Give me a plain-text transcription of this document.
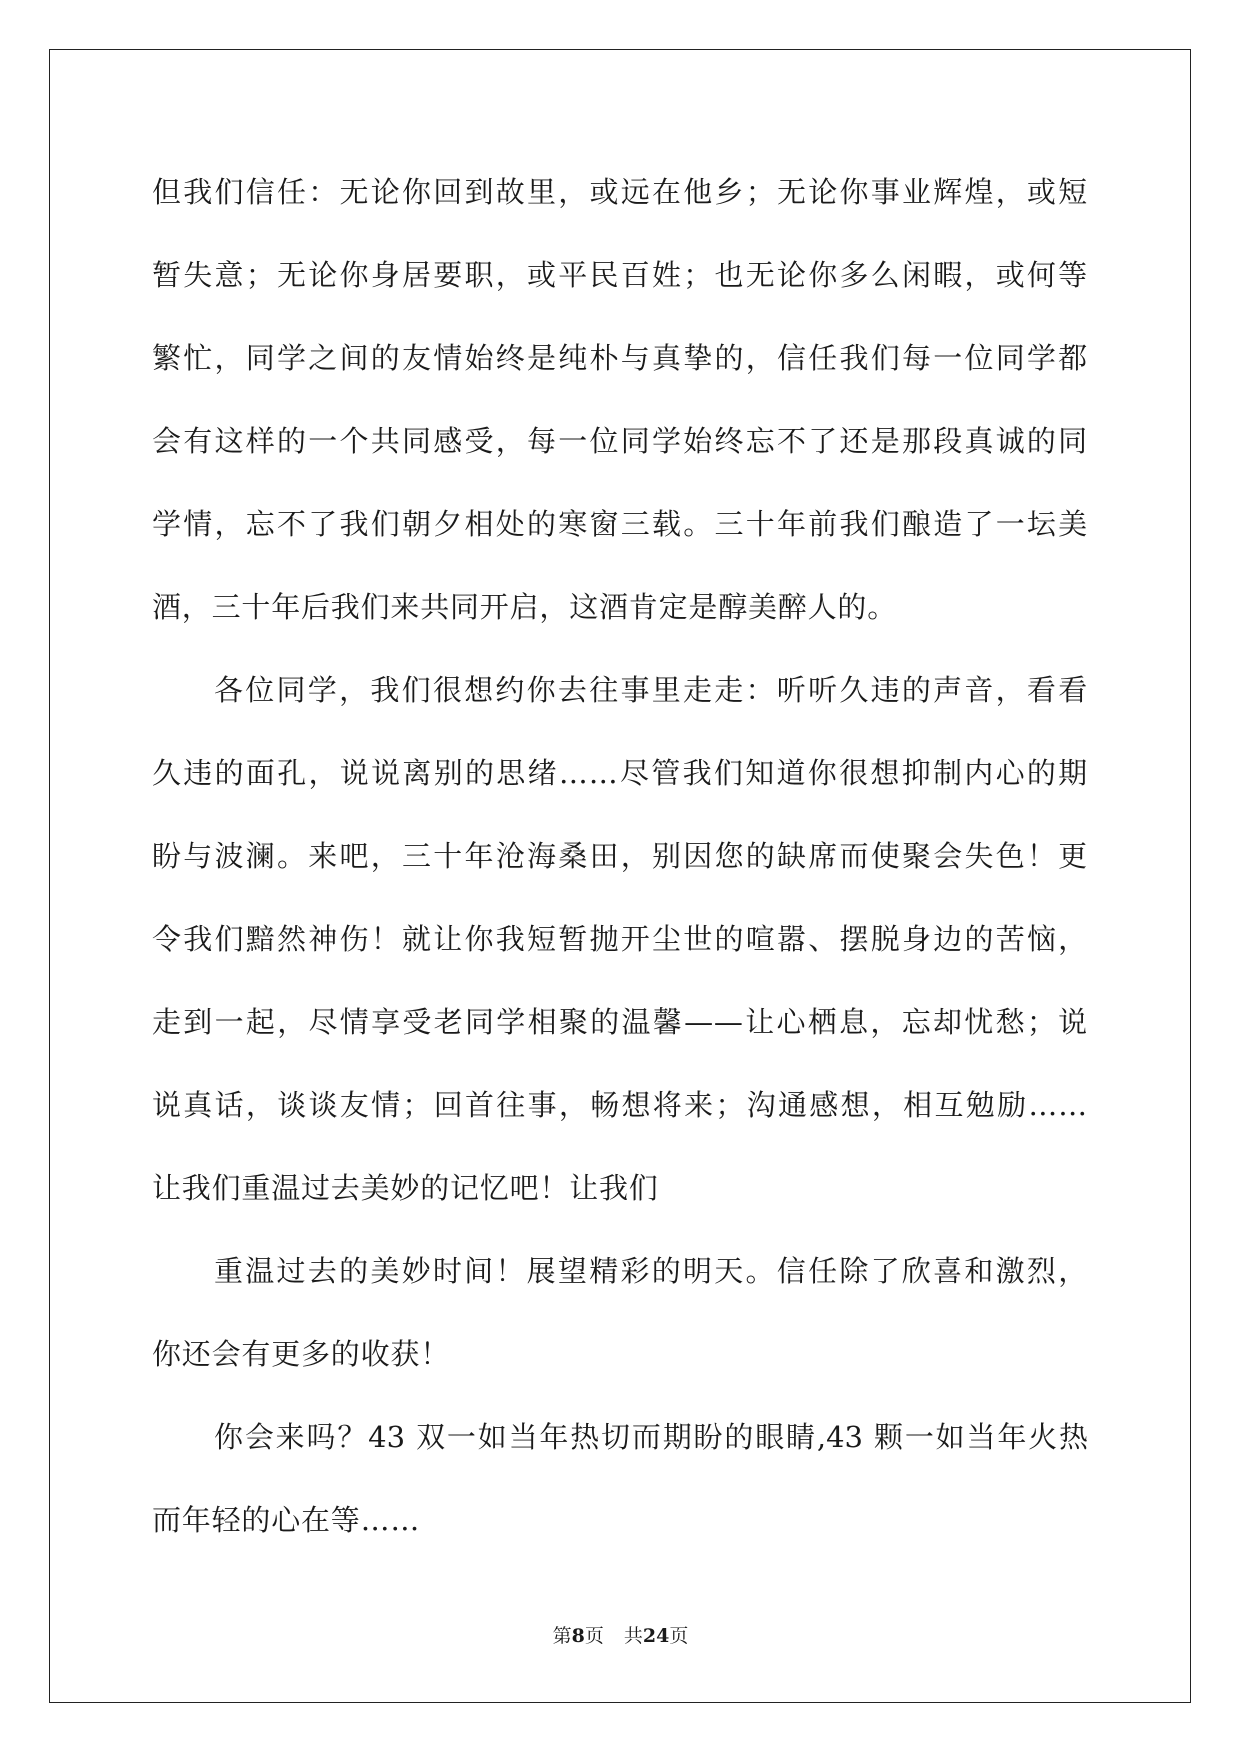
但我们信任：无论你回到故里，或远在他乡；无论你事业辉煌，或短
暂失意；无论你身居要职，或平民百姓；也无论你多么闲暇，或何等
繁忙，同学之间的友情始终是纯朴与真挚的，信任我们每一位同学都
会有这样的一个共同感受，每一位同学始终忘不了还是那段真诚的同
学情，忘不了我们朝夕相处的寒窗三载。三十年前我们酿造了一坛美
酒，三十年后我们来共同开启，这酒肯定是醇美醉人的。
各位同学，我们很想约你去往事里走走：听听久违的声音，看看
久违的面孔，说说离别的思绪……尽管我们知道你很想抑制内心的期
盼与波澜。来吧，三十年沧海桑田，别因您的缺席而使聚会失色！更
令我们黯然神伤！就让你我短暂抛开尘世的喧嚣、摆脱身边的苦恼，
走到一起，尽情享受老同学相聚的温馨——让心栖息，忘却忧愁；说
说真话，谈谈友情；回首往事，畅想将来；沟通感想，相互勉励……
让我们重温过去美妙的记忆吧！让我们
重温过去的美妙时间！展望精彩的明天。信任除了欣喜和激烈，
你还会有更多的收获！
你会来吗？43 双一如当年热切而期盼的眼睛,43 颗一如当年火热
而年轻的心在等……
第8页 共24页
